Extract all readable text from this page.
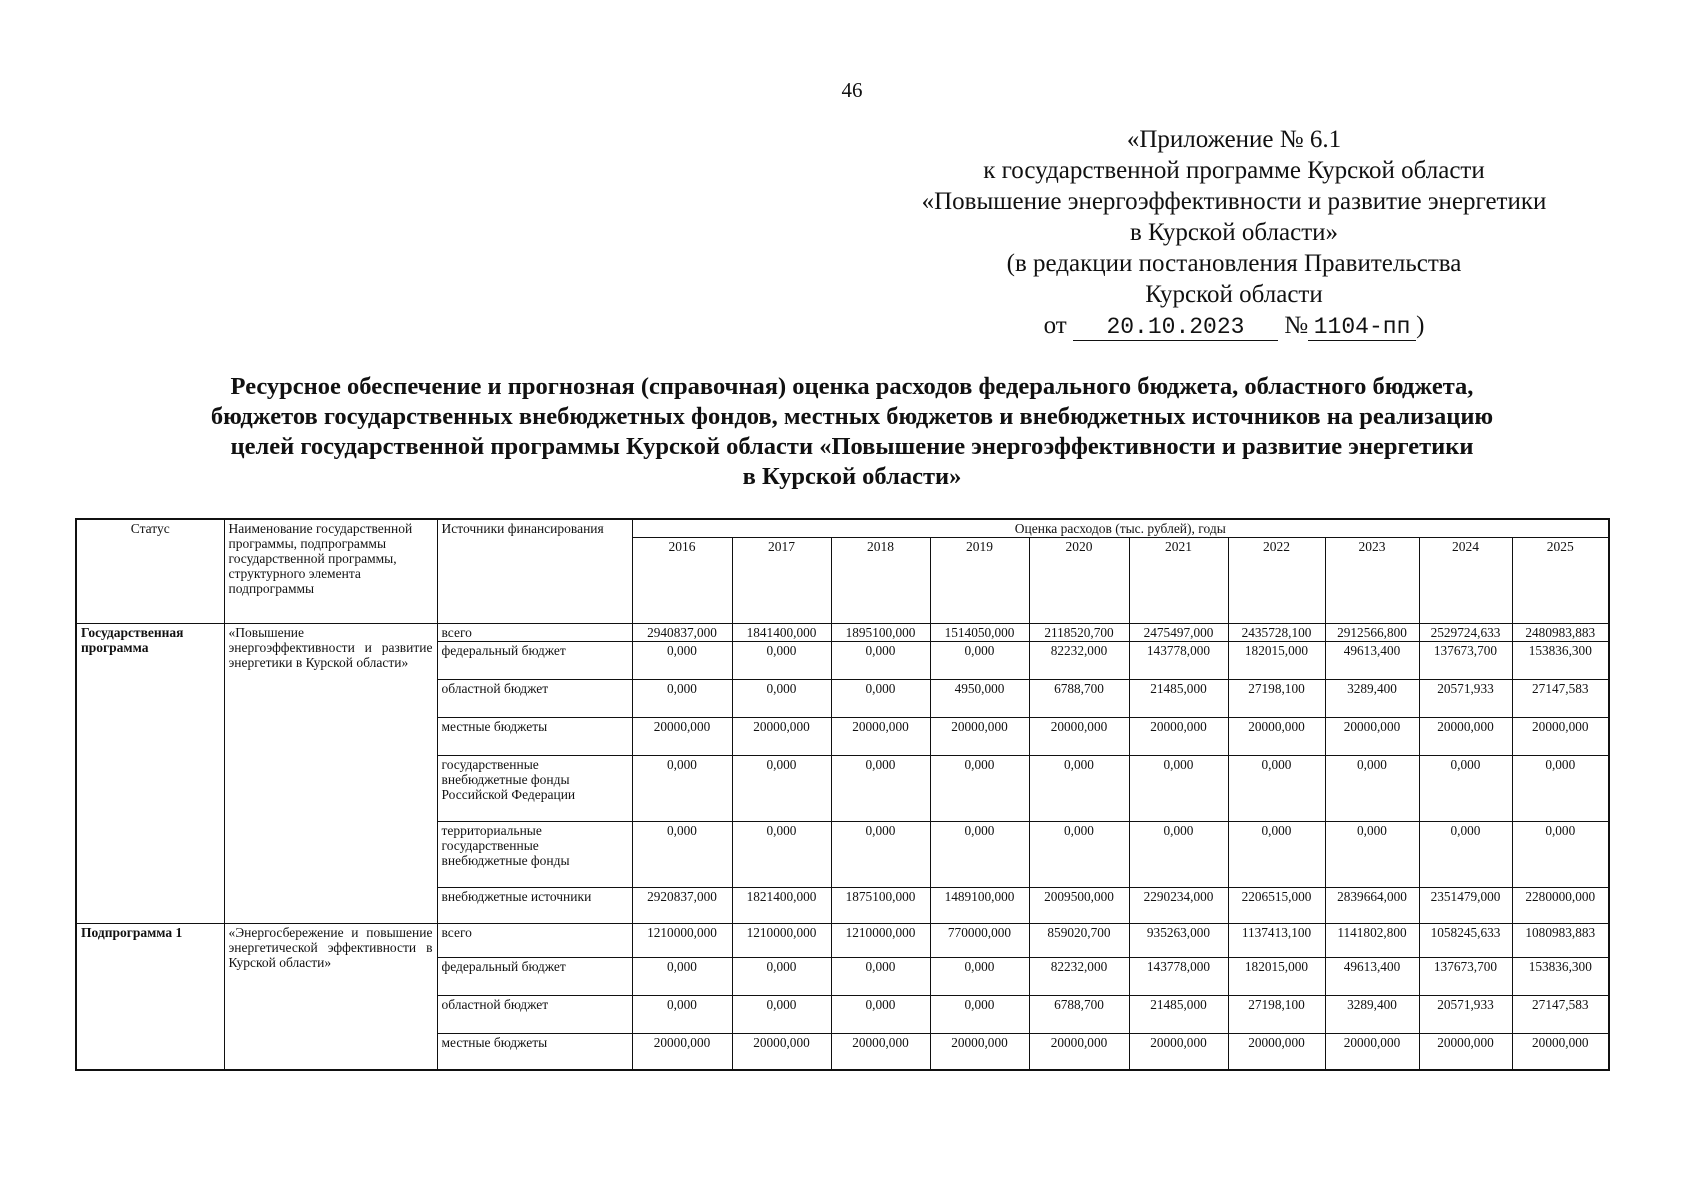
46
«Приложение № 6.1
к государственной программе Курской области
«Повышение энергоэффективности и развитие энергетики
в Курской области»
(в редакции постановления Правительства
Курской области
от 20.10.2023 № 1104-пп )
Ресурсное обеспечение и прогнозная (справочная) оценка расходов федерального бюджета, областного бюджета,
бюджетов государственных внебюджетных фондов, местных бюджетов и внебюджетных источников на реализацию
целей государственной программы Курской области «Повышение энергоэффективности и развитие энергетики
в Курской области»
Статус	Наименование государственной программы, подпрограммы государственной программы, структурного элемента подпрограммы	Источники финансирования	Оценка расходов (тыс. рублей), годы									
			2016	2017	2018	2019	2020	2021	2022	2023	2024	2025
Государственная программа	«Повышение энергоэффективности и развитие энергетики в Курской области»	всего	2940837,000	1841400,000	1895100,000	1514050,000	2118520,700	2475497,000	2435728,100	2912566,800	2529724,633	2480983,883
		федеральный бюджет	0,000	0,000	0,000	0,000	82232,000	143778,000	182015,000	49613,400	137673,700	153836,300
		областной бюджет	0,000	0,000	0,000	4950,000	6788,700	21485,000	27198,100	3289,400	20571,933	27147,583
		местные бюджеты	20000,000	20000,000	20000,000	20000,000	20000,000	20000,000	20000,000	20000,000	20000,000	20000,000
		государственные внебюджетные фонды Российской Федерации	0,000	0,000	0,000	0,000	0,000	0,000	0,000	0,000	0,000	0,000
		территориальные государственные внебюджетные фонды	0,000	0,000	0,000	0,000	0,000	0,000	0,000	0,000	0,000	0,000
		внебюджетные источники	2920837,000	1821400,000	1875100,000	1489100,000	2009500,000	2290234,000	2206515,000	2839664,000	2351479,000	2280000,000
Подпрограмма 1	«Энергосбережение и повышение энергетической эффективности в Курской области»	всего	1210000,000	1210000,000	1210000,000	770000,000	859020,700	935263,000	1137413,100	1141802,800	1058245,633	1080983,883
		федеральный бюджет	0,000	0,000	0,000	0,000	82232,000	143778,000	182015,000	49613,400	137673,700	153836,300
		областной бюджет	0,000	0,000	0,000	0,000	6788,700	21485,000	27198,100	3289,400	20571,933	27147,583
		местные бюджеты	20000,000	20000,000	20000,000	20000,000	20000,000	20000,000	20000,000	20000,000	20000,000	20000,000
